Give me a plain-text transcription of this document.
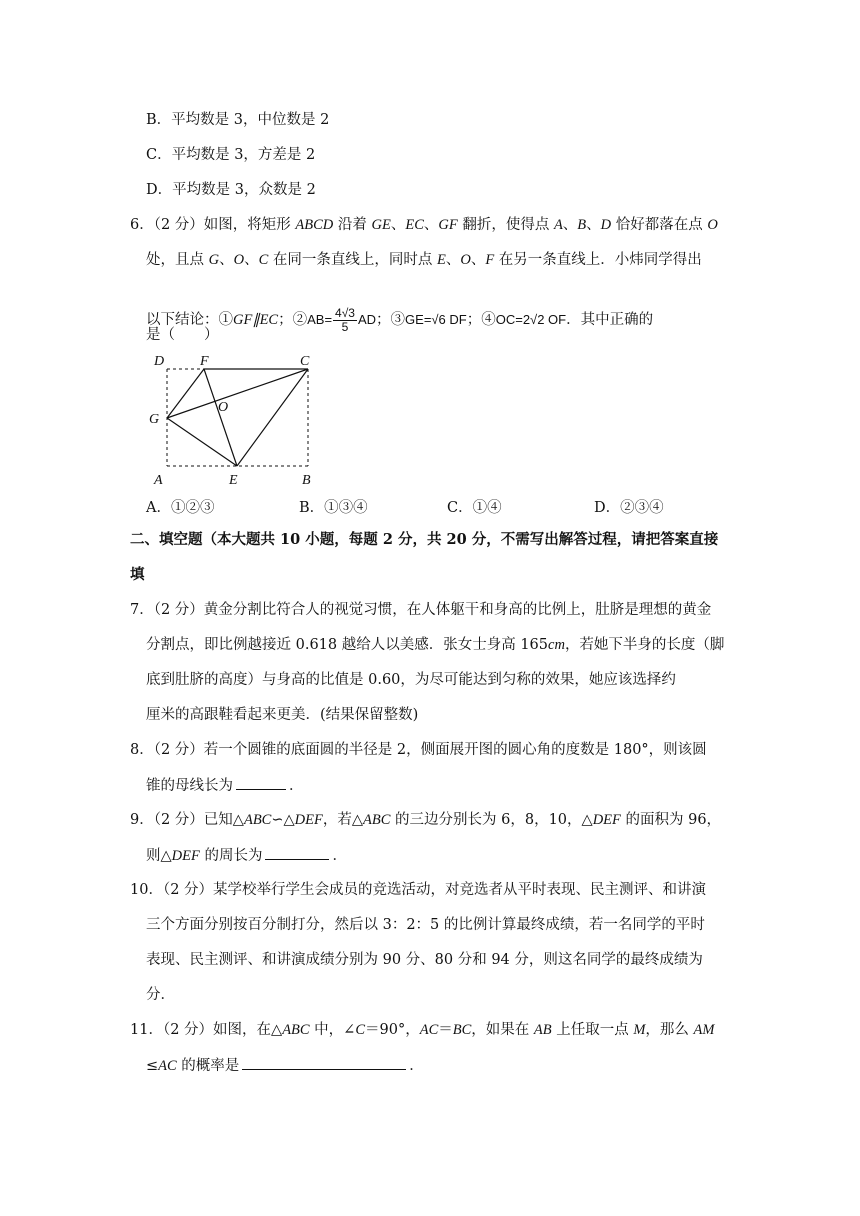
B．平均数是 3，中位数是 2
C．平均数是 3，方差是 2
D．平均数是 3，众数是 2
6．（2 分）如图，将矩形 ABCD 沿着 GE、EC、GF 翻折，使得点 A、B、D 恰好都落在点 O
处，且点 G、O、C 在同一条直线上，同时点 E、O、F 在另一条直线上．小炜同学得出
以下结论：①GF∥EC；②AB= $\frac{4√3}{5}$ AD；③GE=√6 DF；④OC=2√2 OF．其中正确的
是（　　）
D	F	C
G
O
A	E	B
A．①②③	B．①③④	C．①④	D．②③④
二、填空题（本大题共 10 小题，每题 2 分，共 20 分，不需写出解答过程，请把答案直接
填
7．（2 分）黄金分割比符合人的视觉习惯，在人体躯干和身高的比例上，肚脐是理想的黄金
分割点，即比例越接近 0.618 越给人以美感．张女士身高 165cm，若她下半身的长度（脚
底到肚脐的高度）与身高的比值是 0.60，为尽可能达到匀称的效果，她应该选择约
厘米的高跟鞋看起来更美．(结果保留整数)
8．（2 分）若一个圆锥的底面圆的半径是 2，侧面展开图的圆心角的度数是 180°，则该圆
锥的母线长为	．
9．（2 分）已知△ABC∽△DEF，若△ABC 的三边分别长为 6，8，10，△DEF 的面积为 96，
则△DEF 的周长为	．
10．（2 分）某学校举行学生会成员的竞选活动，对竞选者从平时表现、民主测评、和讲演
三个方面分别按百分制打分，然后以 3：2：5 的比例计算最终成绩，若一名同学的平时
表现、民主测评、和讲演成绩分别为 90 分、80 分和 94 分，则这名同学的最终成绩为
分．
11．（2 分）如图，在△ABC 中，∠C＝90°，AC＝BC，如果在 AB 上任取一点 M，那么 AM
≤AC 的概率是	．
